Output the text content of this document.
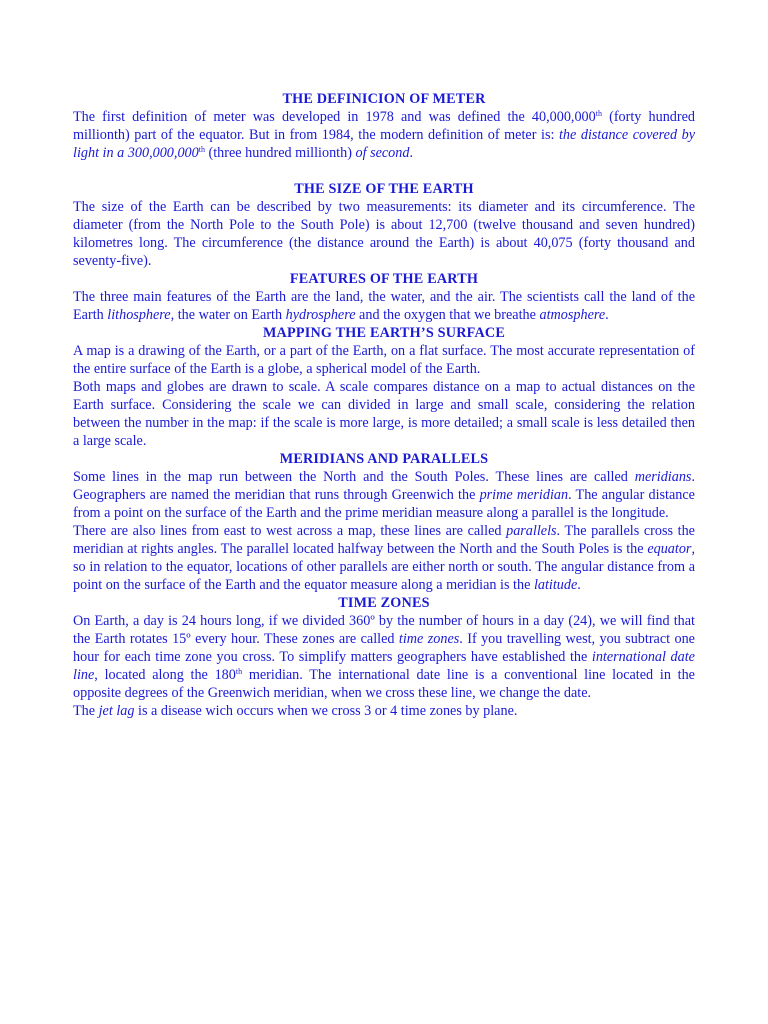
THE DEFINICION OF METER

The first definition of meter was developed in 1978 and was defined the 40,000,000th (forty hundred millionth) part of the equator. But in from 1984, the modern definition of meter is: the distance covered by light in a 300,000,000th (three hundred millionth) of second.

THE SIZE OF THE EARTH

The size of the Earth can be described by two measurements: its diameter and its circumference. The diameter (from the North Pole to the South Pole) is about 12,700 (twelve thousand and seven hundred) kilometres long. The circumference (the distance around the Earth) is about 40,075 (forty thousand and seventy-five).

FEATURES OF THE EARTH

The three main features of the Earth are the land, the water, and the air. The scientists call the land of the Earth lithosphere, the water on Earth hydrosphere and the oxygen that we breathe atmosphere.

MAPPING THE EARTH’S SURFACE

A map is a drawing of the Earth, or a part of the Earth, on a flat surface. The most accurate representation of the entire surface of the Earth is a globe, a spherical model of the Earth.

Both maps and globes are drawn to scale. A scale compares distance on a map to actual distances on the Earth surface. Considering the scale we can divided in large and small scale, considering the relation between the number in the map: if the scale is more large, is more detailed; a small scale is less detailed then a large scale.

MERIDIANS AND PARALLELS

Some lines in the map run between the North and the South Poles. These lines are called meridians. Geographers are named the meridian that runs through Greenwich the prime meridian. The angular distance from a point on the surface of the Earth and the prime meridian measure along a parallel is the longitude.

There are also lines from east to west across a map, these lines are called parallels. The parallels cross the meridian at rights angles. The parallel located halfway between the North and the South Poles is the equator, so in relation to the equator, locations of other parallels are either north or south. The angular distance from a point on the surface of the Earth and the equator measure along a meridian is the latitude.

TIME ZONES

On Earth, a day is 24 hours long, if we divided 360º by the number of hours in a day (24), we will find that the Earth rotates 15º every hour. These zones are called time zones. If you travelling west, you subtract one hour for each time zone you cross. To simplify matters geographers have established the international date line, located along the 180th meridian. The international date line is a conventional line located in the opposite degrees of the Greenwich meridian, when we cross these line, we change the date.

The jet lag is a disease wich occurs when we cross 3 or 4 time zones by plane.
